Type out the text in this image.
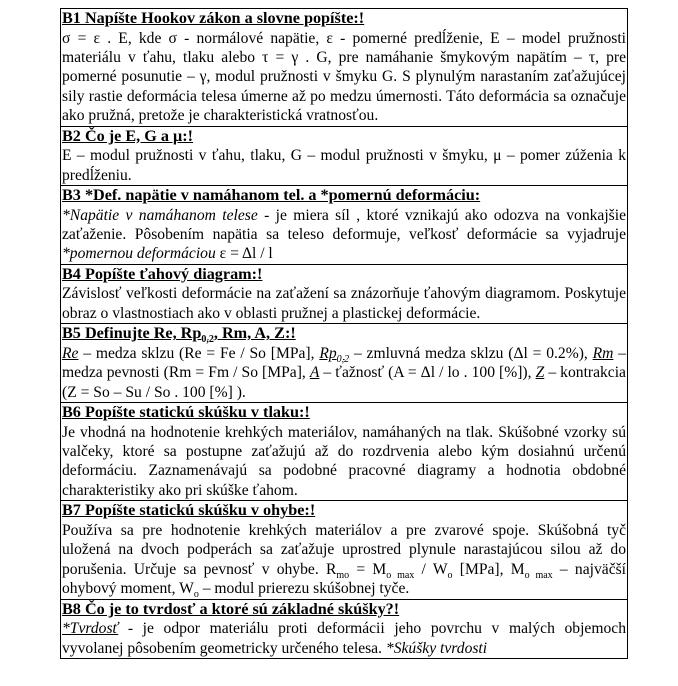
B1 Napíšte Hookov zákon a slovne popíšte:!
σ = ε . E, kde σ - normálové napätie, ε - pomerné predĺženie, E – model pružnosti materiálu v ťahu, tlaku alebo τ = γ . G, pre namáhanie šmykovým napätím – τ, pre pomerné posunutie – γ, modul pružnosti v šmyku G. S plynulým narastaním zaťažujúcej sily rastie deformácia telesa úmerne až po medzu úmernosti. Táto deformácia sa označuje ako pružná, pretože je charakteristická vratnosťou.
B2 Čo je E, G a μ:!
E – modul pružnosti v ťahu, tlaku, G – modul pružnosti v šmyku, μ – pomer zúženia k predĺženiu.
B3 *Def. napätie v namáhanom tel. a *pomernú deformáciu:
*Napätie v namáhanom telese - je miera síl , ktoré vznikajú ako odozva na vonkajšie zaťaženie. Pôsobením napätia sa teleso deformuje, veľkosť deformácie sa vyjadruje *pomernou deformáciou ε = Δl / l
B4 Popíšte ťahový diagram:!
Závislosť veľkosti deformácie na zaťažení sa znázorňuje ťahovým diagramom. Poskytuje obraz o vlastnostiach ako v oblasti pružnej a plastickej deformácie.
B5 Definujte Re, $Rp_{0,2}$, Rm, A, Z:!
Re – medza sklzu (Re = Fe / So [MPa], $Rp_{0,2}$ – zmluvná medza sklzu (Δl = 0.2%), Rm – medza pevnosti (Rm = Fm / So [MPa], A – ťažnosť (A = Δl / lo . 100 [%]), Z – kontrakcia (Z = So – Su / So . 100 [%] ).
B6 Popíšte statickú skúšku v tlaku:!
Je vhodná na hodnotenie krehkých materiálov, namáhaných na tlak. Skúšobné vzorky sú valčeky, ktoré sa postupne zaťažujú až do rozdrvenia alebo kým dosiahnú určenú deformáciu. Zaznamenávajú sa podobné pracovné diagramy a hodnotia obdobné charakteristiky ako pri skúške ťahom.
B7 Popíšte statickú skúšku v ohybe:!
Používa sa pre hodnotenie krehkých materiálov a pre zvarové spoje. Skúšobná tyč uložená na dvoch podperách sa zaťažuje uprostred plynule narastajúcou silou až do porušenia. Určuje sa pevnosť v ohybe. $R_{mo} = M_{o max} / W_o$ [MPa], $M_{o max}$ – najväčší ohybový moment, $W_o$ – modul prierezu skúšobnej tyče.
B8 Čo je to tvrdosť a ktoré sú základné skúšky?!
*Tvrdosť - je odpor materiálu proti deformácii jeho povrchu v malých objemoch vyvolanej pôsobením geometricky určeného telesa. *Skúšky tvrdosti
